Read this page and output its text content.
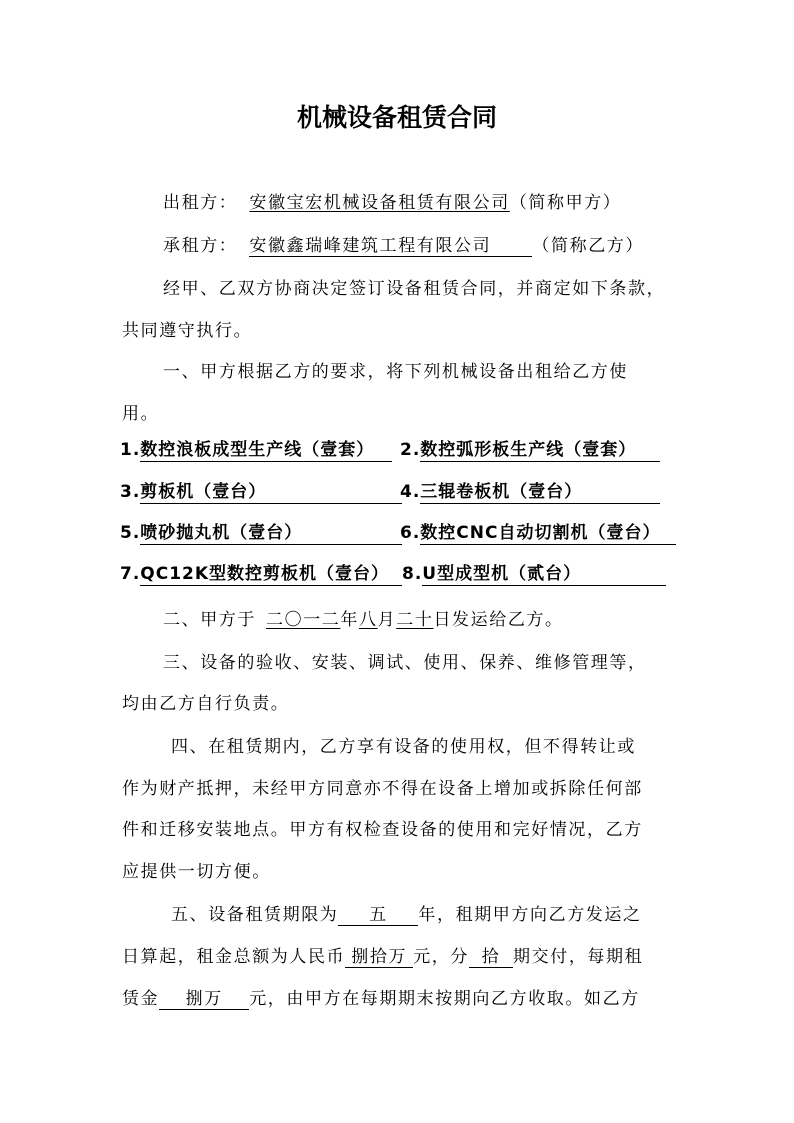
机械设备租赁合同
出租方： 安徽宝宏机械设备租赁有限公司（简称甲方）
承租方： 安徽鑫瑞峰建筑工程有限公司 （简称乙方）
经甲、乙双方协商决定签订设备租赁合同，并商定如下条款，
共同遵守执行。
一、甲方根据乙方的要求，将下列机械设备出租给乙方使
用。
1.数控浪板成型生产线（壹套）	2.数控弧形板生产线（壹套）
3.剪板机（壹台）	4.三辊卷板机（壹台）
5.喷砂抛丸机（壹台）	6.数控CNC自动切割机（壹台）
7.QC12K型数控剪板机（壹台） 8.U型成型机（贰台）
二、甲方于 二〇一二年八月二十日发运给乙方。
三、设备的验收、安装、调试、使用、保养、维修管理等，
均由乙方自行负责。
四、在租赁期内，乙方享有设备的使用权，但不得转让或
作为财产抵押，未经甲方同意亦不得在设备上增加或拆除任何部
件和迁移安装地点。甲方有权检查设备的使用和完好情况，乙方
应提供一切方便。
五、设备租赁期限为 五 年，租期甲方向乙方发运之
日算起，租金总额为人民币 捌拾万 元，分 拾 期交付，每期租
赁金 捌万 元，由甲方在每期期末按期向乙方收取。如乙方
